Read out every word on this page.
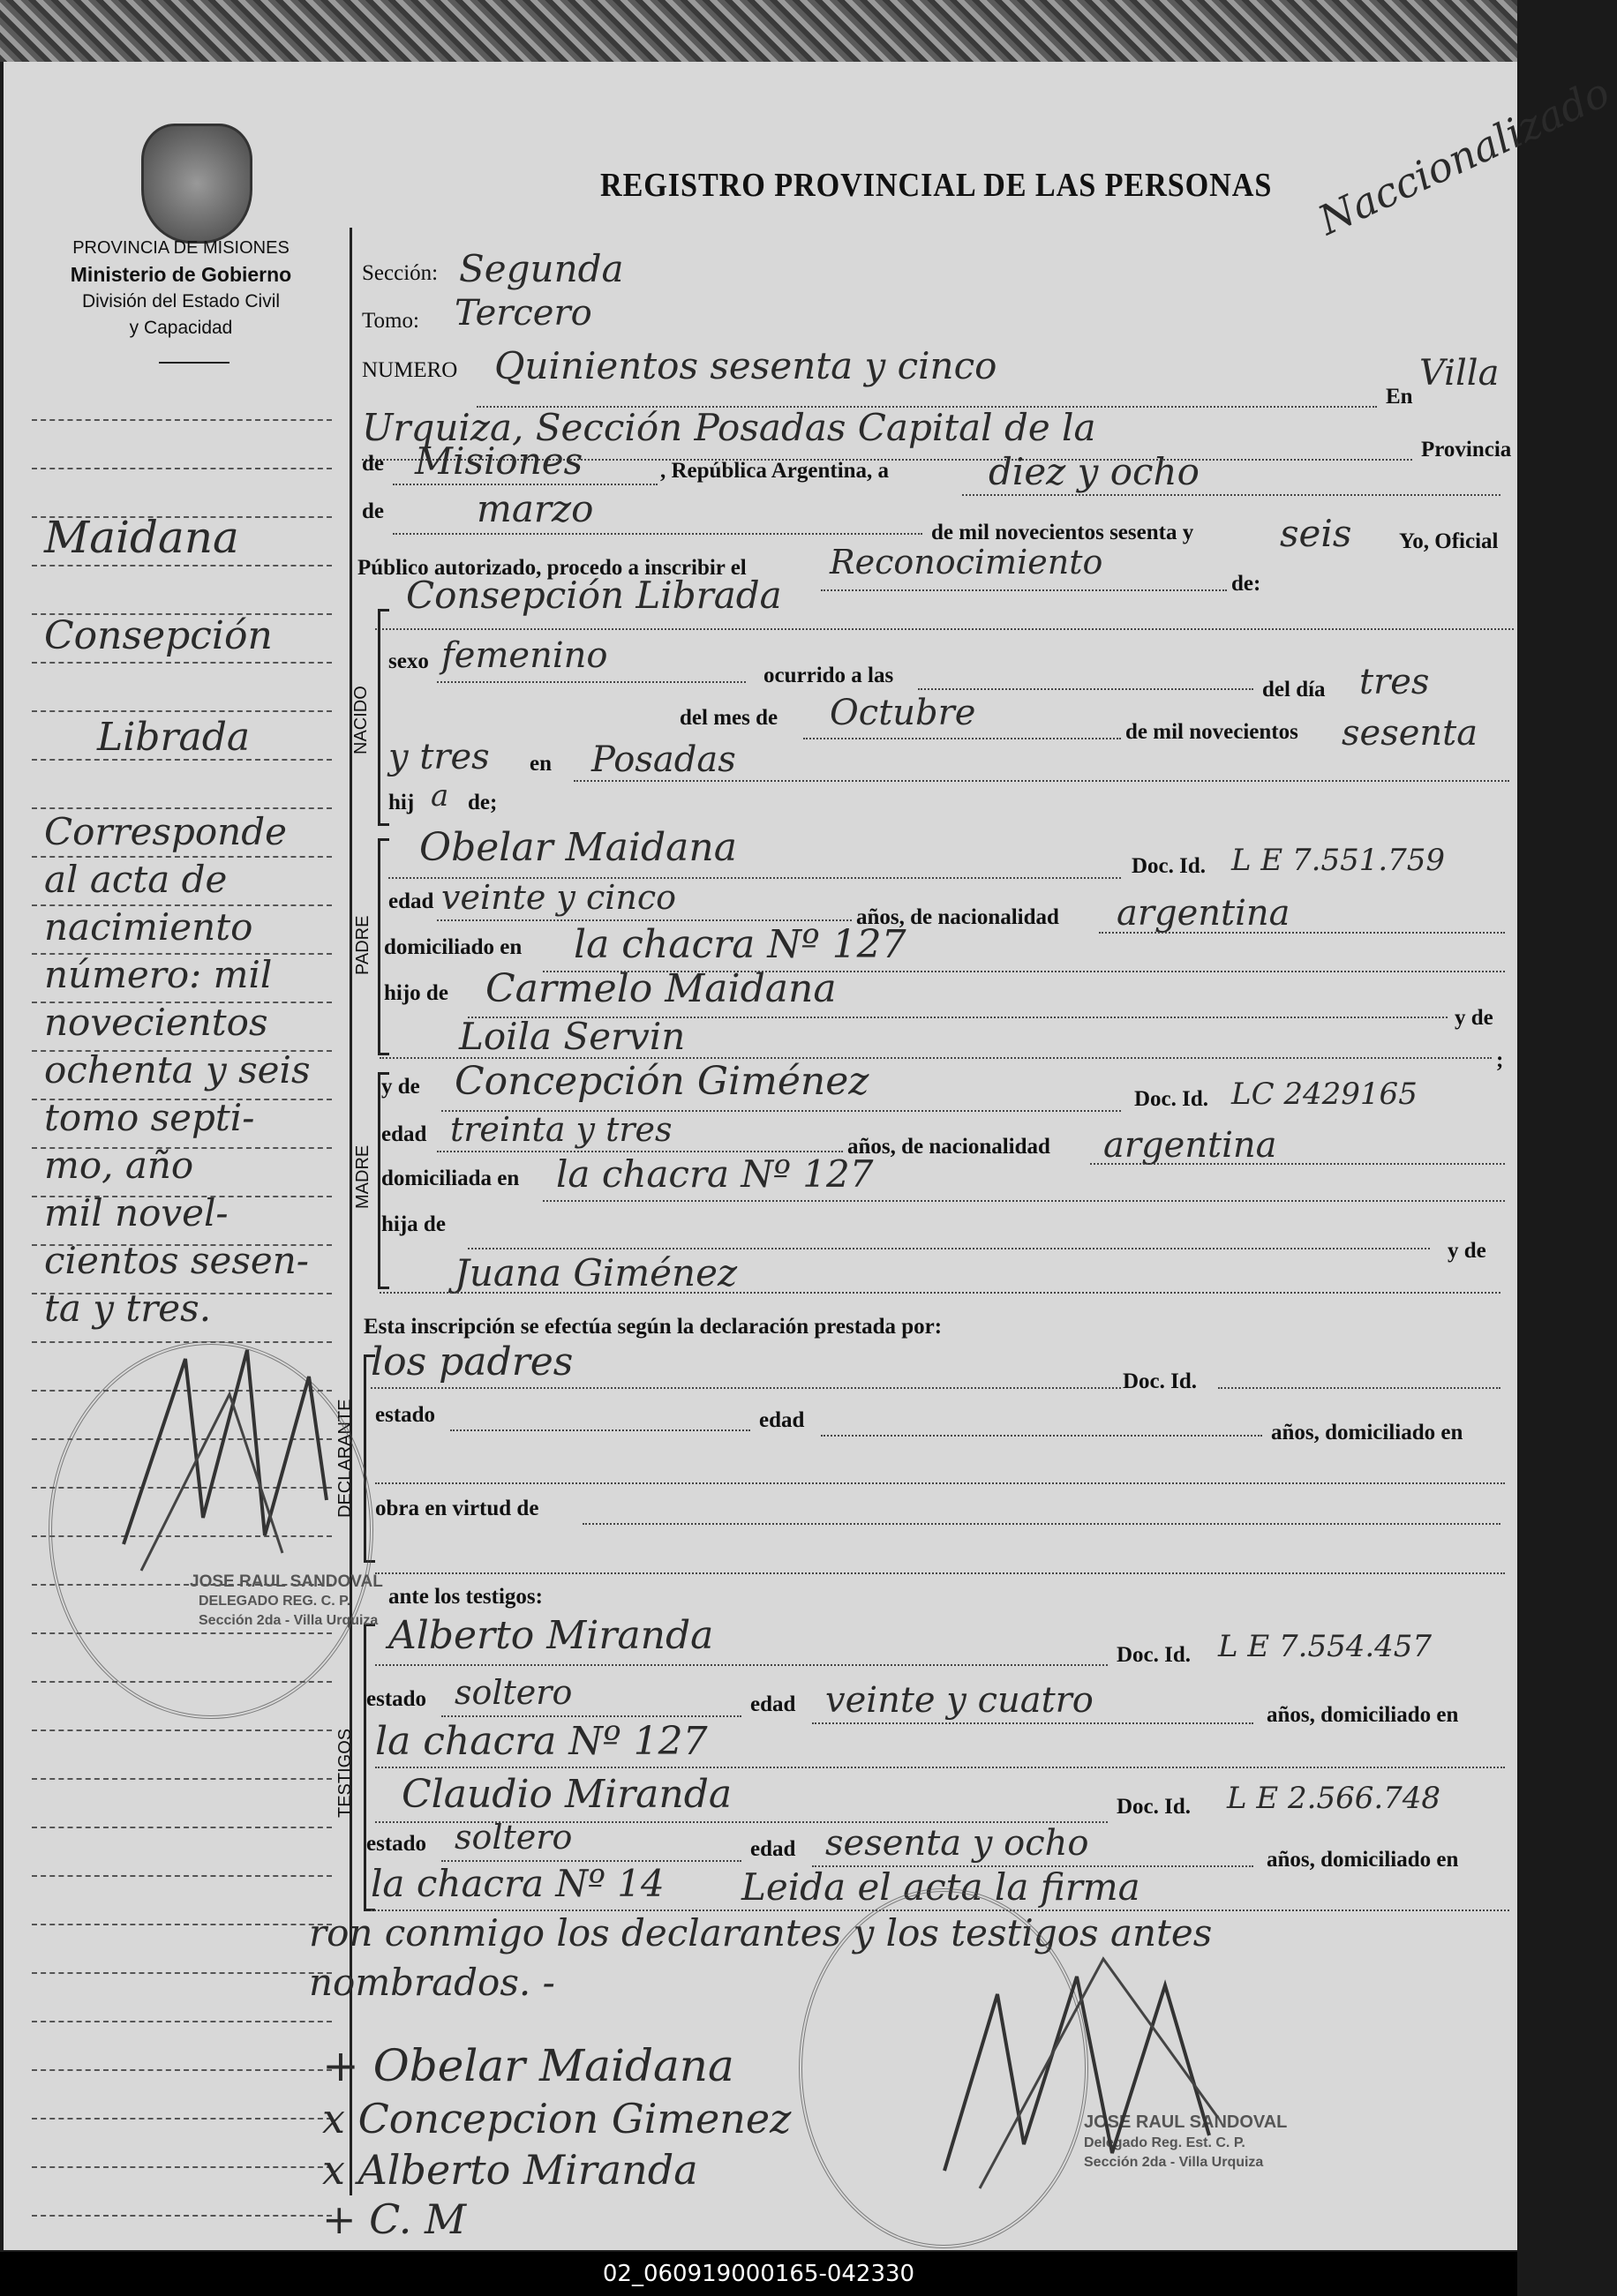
PROVINCIA DE MISIONES
Ministerio de Gobierno
División del Estado Civil
y Capacidad
REGISTRO PROVINCIAL DE LAS PERSONAS Naccionalizado
Maidana
Consepción
Librada
Corresponde
al acta de
nacimiento
número: mil
novecientos
ochenta y seis
tomo septi-
mo, año
mil novel-
cientos sesen-
ta y tres.
Sección: Segunda
Tomo: Tercero
NUMERO Quinientos sesenta y cinco
En
Villa
Urquiza, Sección Posadas Capital de la
Provincia
de Misiones	, República Argentina, a	diez y ocho
de	marzo
de mil novecientos sesenta y seis Yo, Oficial
Público autorizado, procedo a inscribir el Reconocimiento
de:
Consepción Librada
NACIDO
sexo femenino	ocurrido a las
del día tres
del mes de Octubre	de mil novecientos sesenta
y tres en Posadas
hij a de;
PADRE
Obelar Maidana	Doc. Id. L E 7.551.759
edad veinte y cinco
años, de nacionalidad argentina
domiciliado en la chacra Nº 127
hijo de Carmelo Maidana
y de
Loila Servin
;
MADRE
y de Concepción Giménez	Doc. Id. LC 2429165
edad treinta y tres	años, de nacionalidad argentina
domiciliada en la chacra Nº 127
hija de
y de
Juana Giménez
Esta inscripción se efectúa según la declaración prestada por:
DECLARANTE
los padres	Doc. Id.
estado	edad
años, domiciliado en
obra en virtud de
ante los testigos:
TESTIGOS
Alberto Miranda	Doc. Id. L E 7.554.457
estado soltero	edad veinte y cuatro	años, domiciliado en
la chacra Nº 127
Claudio Miranda	Doc. Id. L E 2.566.748
estado soltero	edad sesenta y ocho	años, domiciliado en
la chacra Nº 14 Leida el acta la firma
ron conmigo los declarantes y los testigos antes
nombrados. -
+ Obelar Maidana
x Concepcion Gimenez
x Alberto Miranda
+ C. M
JOSE RAUL SANDOVAL
DELEGADO REG. C. P.
Sección 2da - Villa Urquiza
JOSE RAUL SANDOVAL
Delegado Reg. Est. C. P.
Sección 2da - Villa Urquiza
02_060919000165-042330
